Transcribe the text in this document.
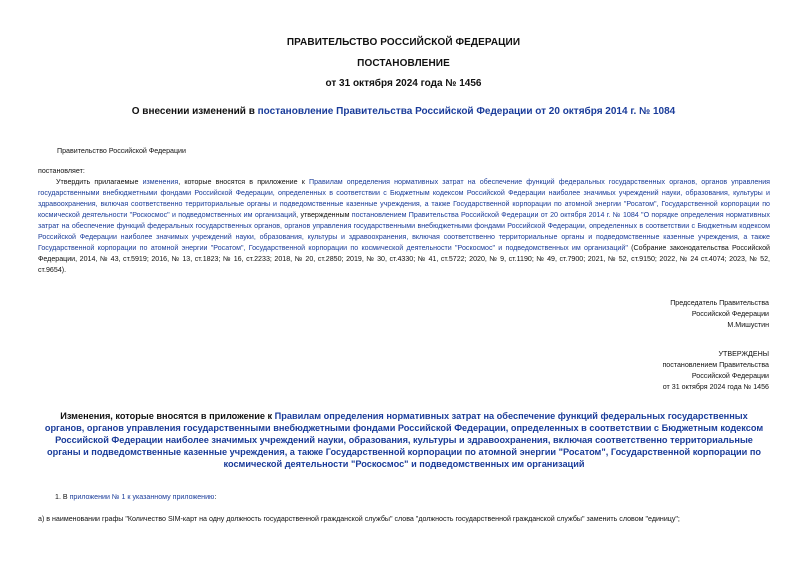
ПРАВИТЕЛЬСТВО РОССИЙСКОЙ ФЕДЕРАЦИИ
ПОСТАНОВЛЕНИЕ
от 31 октября 2024 года № 1456
О внесении изменений в постановление Правительства Российской Федерации от 20 октября 2014 г. № 1084
Правительство Российской Федерации
постановляет:
Утвердить прилагаемые изменения, которые вносятся в приложение к Правилам определения нормативных затрат на обеспечение функций федеральных государственных органов, органов управления государственными внебюджетными фондами Российской Федерации, определенных в соответствии с Бюджетным кодексом Российской Федерации наиболее значимых учреждений науки, образования, культуры и здравоохранения, включая соответственно территориальные органы и подведомственные казенные учреждения, а также Государственной корпорации по атомной энергии "Росатом", Государственной корпорации по космической деятельности "Роскосмос" и подведомственных им организаций, утвержденным постановлением Правительства Российской Федерации от 20 октября 2014 г. № 1084 "О порядке определения нормативных затрат на обеспечение функций федеральных государственных органов, органов управления государственными внебюджетными фондами Российской Федерации, определенных в соответствии с Бюджетным кодексом Российской Федерации наиболее значимых учреждений науки, образования, культуры и здравоохранения, включая соответственно территориальные органы и подведомственные казенные учреждения, а также Государственной корпорации по атомной энергии "Росатом", Государственной корпорации по космической деятельности "Роскосмос" и подведомственных им организаций" (Собрание законодательства Российской Федерации, 2014, № 43, ст.5919; 2016, № 13, ст.1823; № 16, ст.2233; 2018, № 20, ст.2850; 2019, № 30, ст.4330; № 41, ст.5722; 2020, № 9, ст.1190; № 49, ст.7900; 2021, № 52, ст.9150; 2022, № 24 ст.4074; 2023, № 52, ст.9654).
Председатель Правительства
Российской Федерации
М.Мишустин
УТВЕРЖДЕНЫ
постановлением Правительства
Российской Федерации
от 31 октября 2024 года № 1456
Изменения, которые вносятся в приложение к Правилам определения нормативных затрат на обеспечение функций федеральных государственных органов, органов управления государственными внебюджетными фондами Российской Федерации, определенных в соответствии с Бюджетным кодексом Российской Федерации наиболее значимых учреждений науки, образования, культуры и здравоохранения, включая соответственно территориальные органы и подведомственные казенные учреждения, а также Государственной корпорации по атомной энергии "Росатом", Государственной корпорации по космической деятельности "Роскосмос" и подведомственных им организаций
1. В приложении № 1 к указанному приложению:
а) в наименовании графы "Количество SIM-карт на одну должность государственной гражданской службы" слова "должность государственной гражданской службы" заменить словом "единицу";
